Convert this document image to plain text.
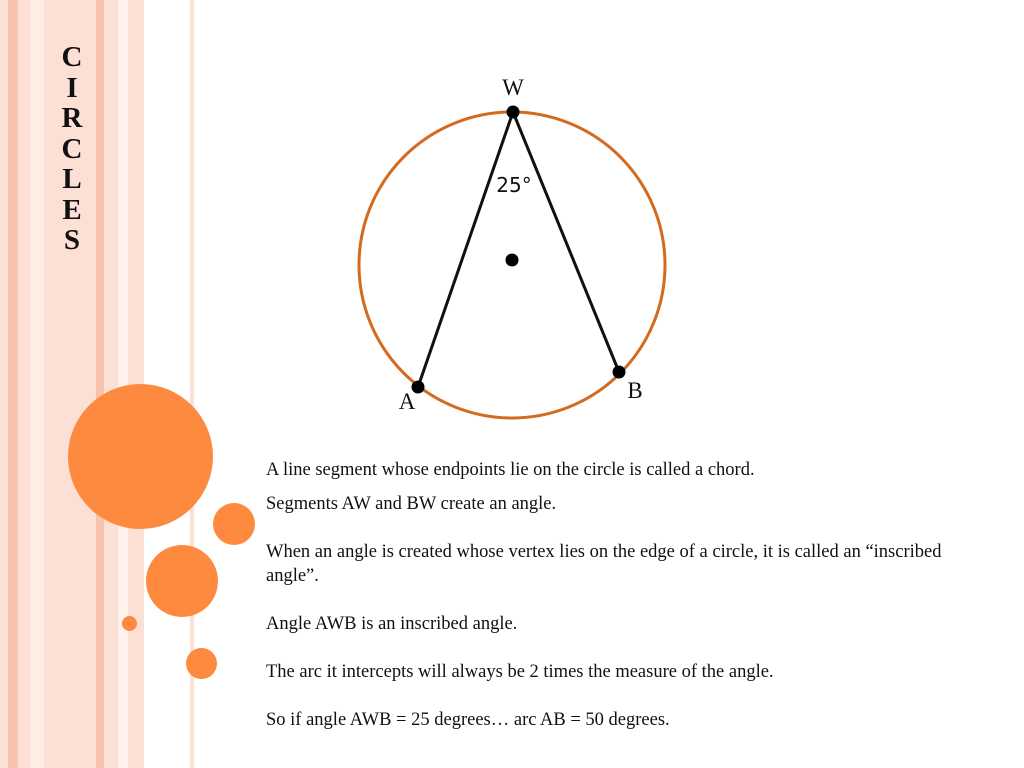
C
I
R
C
L
E
S
W
A	B
25°

A line segment whose endpoints lie on the circle is called a chord.

Segments AW and BW create an angle.

When an angle is created whose vertex lies on the edge of a circle, it is called an “inscribed angle”.

Angle AWB is an inscribed angle.

The arc it intercepts will always be 2 times the measure of the angle.

So if angle AWB = 25 degrees… arc AB = 50 degrees.
